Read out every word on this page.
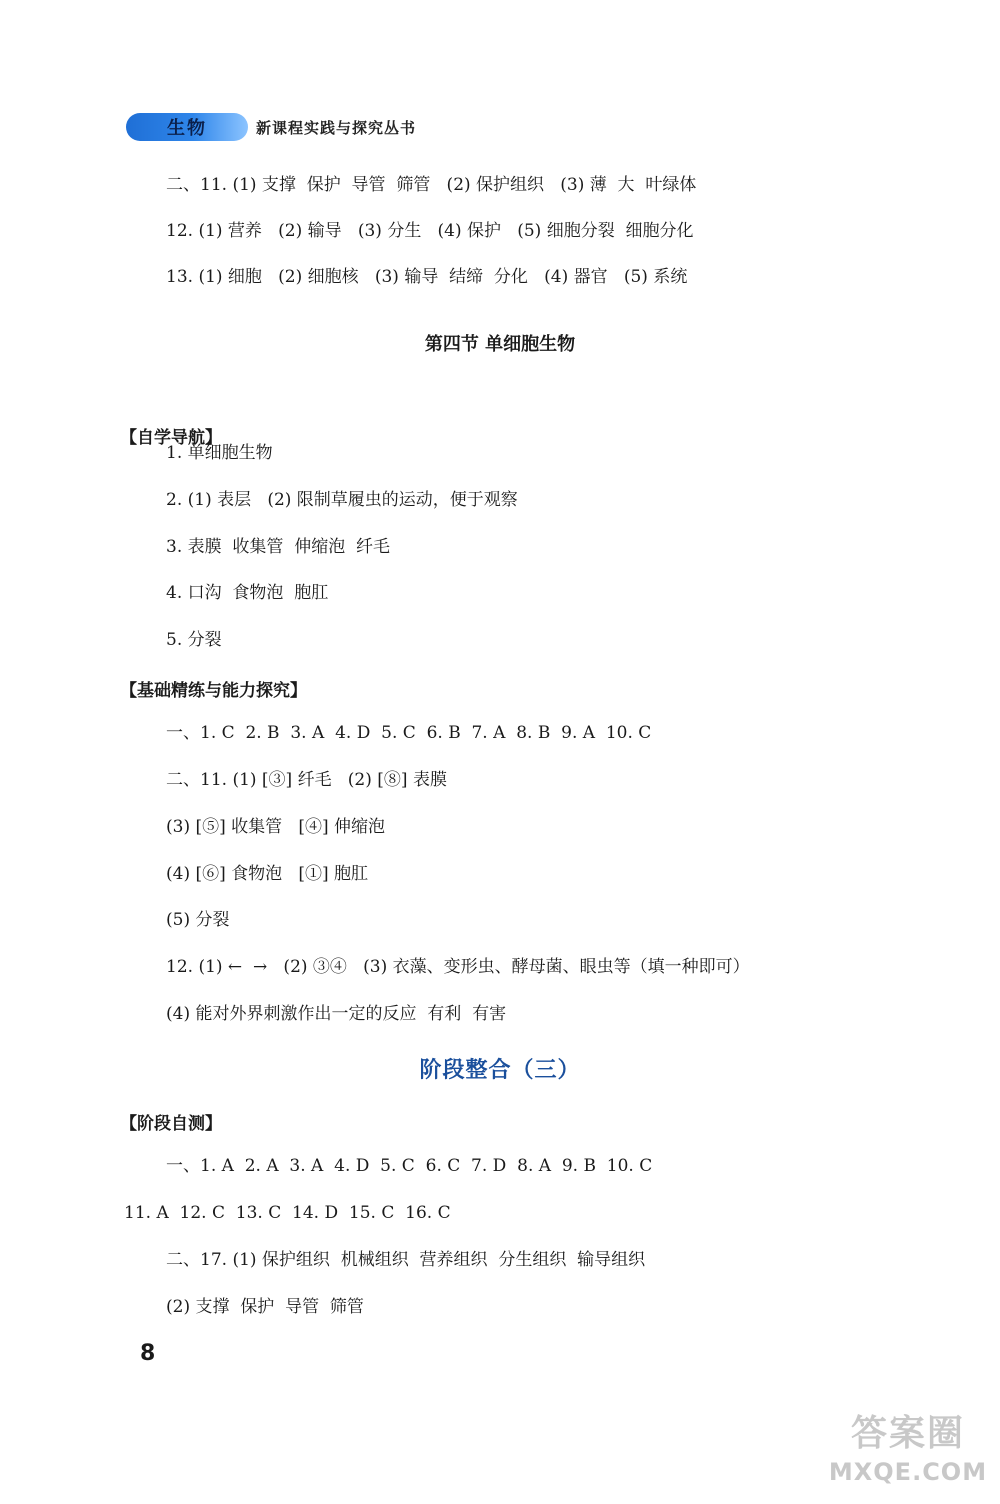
生物	新课程实践与探究丛书
二、11. (1) 支撑  保护  导管  筛管   (2) 保护组织   (3) 薄  大  叶绿体
12. (1) 营养   (2) 输导   (3) 分生   (4) 保护   (5) 细胞分裂  细胞分化
13. (1) 细胞   (2) 细胞核   (3) 输导  结缔  分化   (4) 器官   (5) 系统
第四节 单细胞生物
【自学导航】
1. 单细胞生物
2. (1) 表层   (2) 限制草履虫的运动，便于观察
3. 表膜  收集管  伸缩泡  纤毛
4. 口沟  食物泡  胞肛
5. 分裂
【基础精练与能力探究】
一、1. C  2. B  3. A  4. D  5. C  6. B  7. A  8. B  9. A  10. C
二、11. (1) [③] 纤毛   (2) [⑧] 表膜
(3) [⑤] 收集管   [④] 伸缩泡
(4) [⑥] 食物泡   [①] 胞肛
(5) 分裂
12. (1) ←  →   (2) ③④   (3) 衣藻、变形虫、酵母菌、眼虫等（填一种即可）
(4) 能对外界刺激作出一定的反应  有利  有害
阶段整合（三）
【阶段自测】
一、1. A  2. A  3. A  4. D  5. C  6. C  7. D  8. A  9. B  10. C
11. A  12. C  13. C  14. D  15. C  16. C
二、17. (1) 保护组织  机械组织  营养组织  分生组织  输导组织
(2) 支撑  保护  导管  筛管
8
答案圈
MXQE.COM
